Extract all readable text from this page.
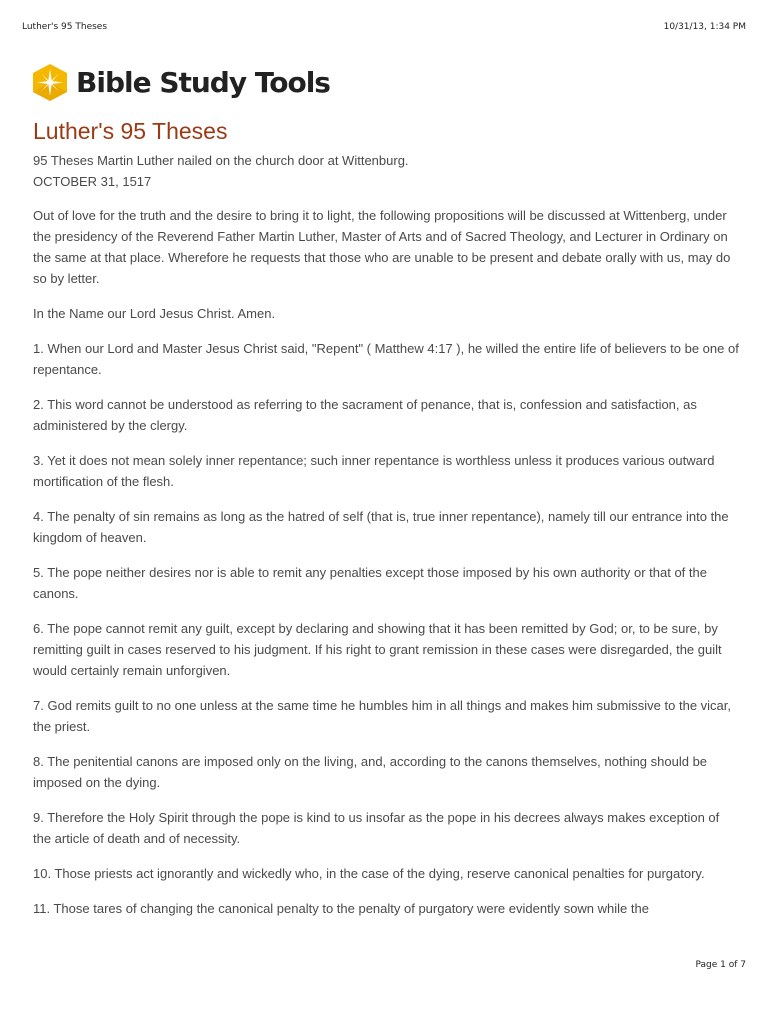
Luther's 95 Theses	10/31/13, 1:34 PM
Bible Study Tools
Luther's 95 Theses
95 Theses Martin Luther nailed on the church door at Wittenburg.
OCTOBER 31, 1517

Out of love for the truth and the desire to bring it to light, the following propositions will be discussed at Wittenberg, under the presidency of the Reverend Father Martin Luther, Master of Arts and of Sacred Theology, and Lecturer in Ordinary on the same at that place. Wherefore he requests that those who are unable to be present and debate orally with us, may do so by letter.

In the Name our Lord Jesus Christ. Amen.

1. When our Lord and Master Jesus Christ said, "Repent" ( Matthew 4:17 ), he willed the entire life of believers to be one of repentance.

2. This word cannot be understood as referring to the sacrament of penance, that is, confession and satisfaction, as administered by the clergy.

3. Yet it does not mean solely inner repentance; such inner repentance is worthless unless it produces various outward mortification of the flesh.

4. The penalty of sin remains as long as the hatred of self (that is, true inner repentance), namely till our entrance into the kingdom of heaven.

5. The pope neither desires nor is able to remit any penalties except those imposed by his own authority or that of the canons.

6. The pope cannot remit any guilt, except by declaring and showing that it has been remitted by God; or, to be sure, by remitting guilt in cases reserved to his judgment. If his right to grant remission in these cases were disregarded, the guilt would certainly remain unforgiven.

7. God remits guilt to no one unless at the same time he humbles him in all things and makes him submissive to the vicar, the priest.

8. The penitential canons are imposed only on the living, and, according to the canons themselves, nothing should be imposed on the dying.

9. Therefore the Holy Spirit through the pope is kind to us insofar as the pope in his decrees always makes exception of the article of death and of necessity.

10. Those priests act ignorantly and wickedly who, in the case of the dying, reserve canonical penalties for purgatory.

11. Those tares of changing the canonical penalty to the penalty of purgatory were evidently sown while the

Page 1 of 7
